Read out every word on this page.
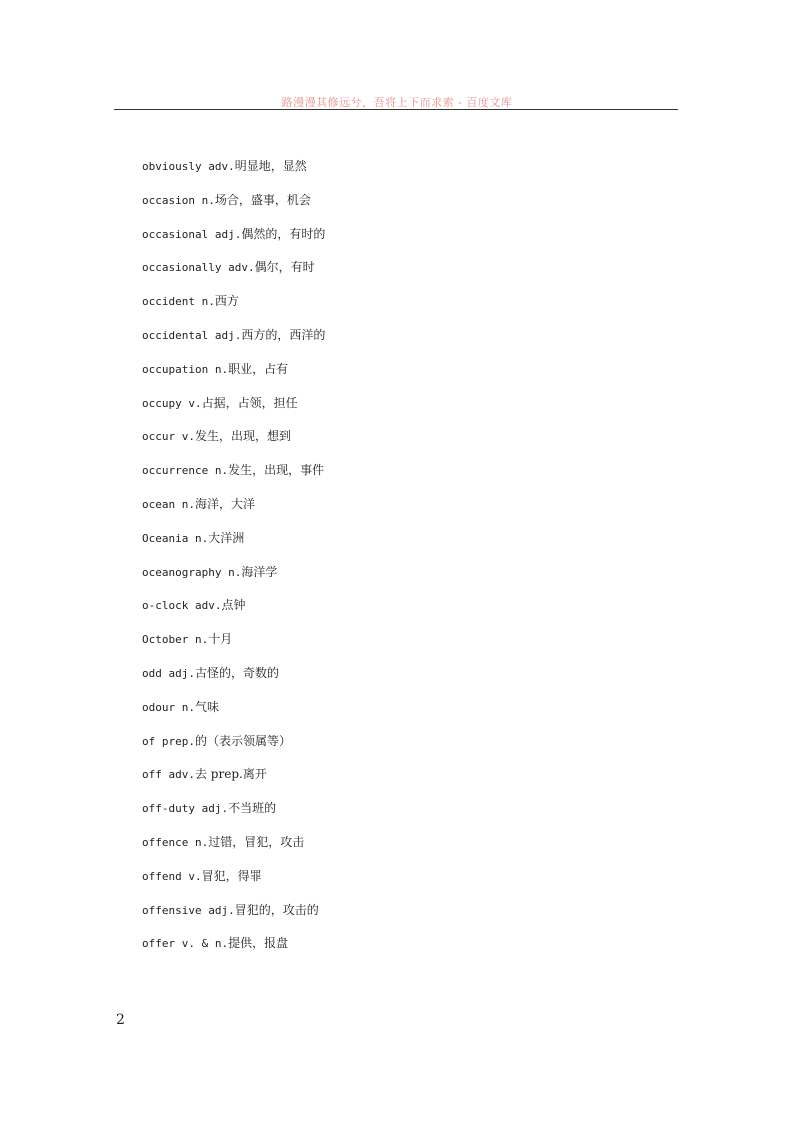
路漫漫其修远兮，吾将上下而求索 - 百度文库
obviously adv.明显地，显然
occasion n.场合，盛事，机会
occasional adj.偶然的，有时的
occasionally adv.偶尔，有时
occident n.西方
occidental adj.西方的，西洋的
occupation n.职业，占有
occupy v.占据，占领，担任
occur v.发生，出现，想到
occurrence n.发生，出现，事件
ocean n.海洋，大洋
Oceania n.大洋洲
oceanography n.海洋学
o-clock adv.点钟
October n.十月
odd adj.古怪的，奇数的
odour n.气味
of prep.的（表示领属等）
off adv.去 prep.离开
off-duty adj.不当班的
offence n.过错，冒犯，攻击
offend v.冒犯，得罪
offensive adj.冒犯的，攻击的
offer v. & n.提供，报盘
2
